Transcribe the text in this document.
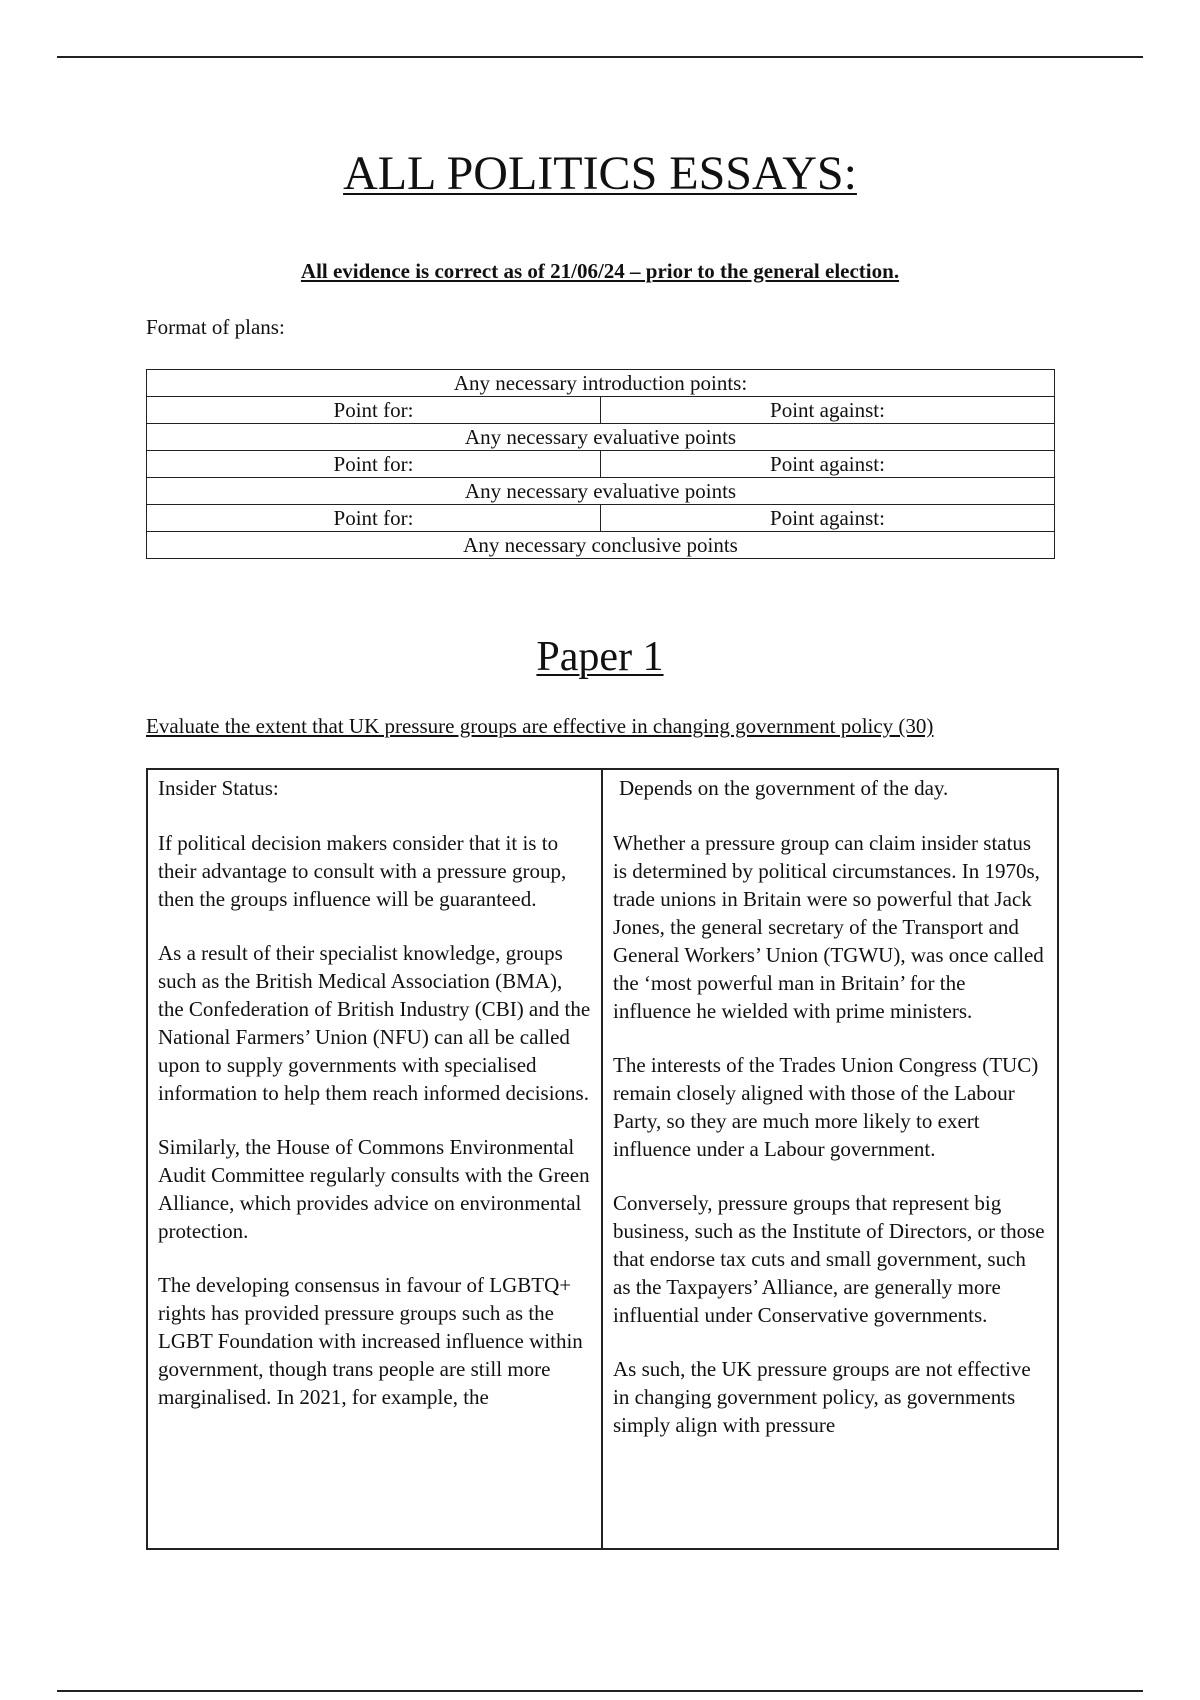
ALL POLITICS ESSAYS:
All evidence is correct as of 21/06/24 – prior to the general election.
Format of plans:
Any necessary introduction points:	
Point for:	Point against:
Any necessary evaluative points	
Point for:	Point against:
Any necessary evaluative points	
Point for:	Point against:
Any necessary conclusive points	
Paper 1
Evaluate the extent that UK pressure groups are effective in changing government policy (30)

Insider Status:

If political decision makers consider that it is to their advantage to consult with a pressure group, then the groups influence will be guaranteed.

As a result of their specialist knowledge, groups such as the British Medical Association (BMA), the Confederation of British Industry (CBI) and the National Farmers’ Union (NFU) can all be called upon to supply governments with specialised information to help them reach informed decisions.

Similarly, the House of Commons Environmental Audit Committee regularly consults with the Green Alliance, which provides advice on environmental protection.

The developing consensus in favour of LGBTQ+ rights has provided pressure groups such as the LGBT Foundation with increased influence within government, though trans people are still more marginalised. In 2021, for example, the

Depends on the government of the day.

Whether a pressure group can claim insider status is determined by political circumstances. In 1970s, trade unions in Britain were so powerful that Jack Jones, the general secretary of the Transport and General Workers’ Union (TGWU), was once called the ‘most powerful man in Britain’ for the influence he wielded with prime ministers.

The interests of the Trades Union Congress (TUC) remain closely aligned with those of the Labour Party, so they are much more likely to exert influence under a Labour government.

Conversely, pressure groups that represent big business, such as the Institute of Directors, or those that endorse tax cuts and small government, such as the Taxpayers’ Alliance, are generally more influential under Conservative governments.

As such, the UK pressure groups are not effective in changing government policy, as governments simply align with pressure
